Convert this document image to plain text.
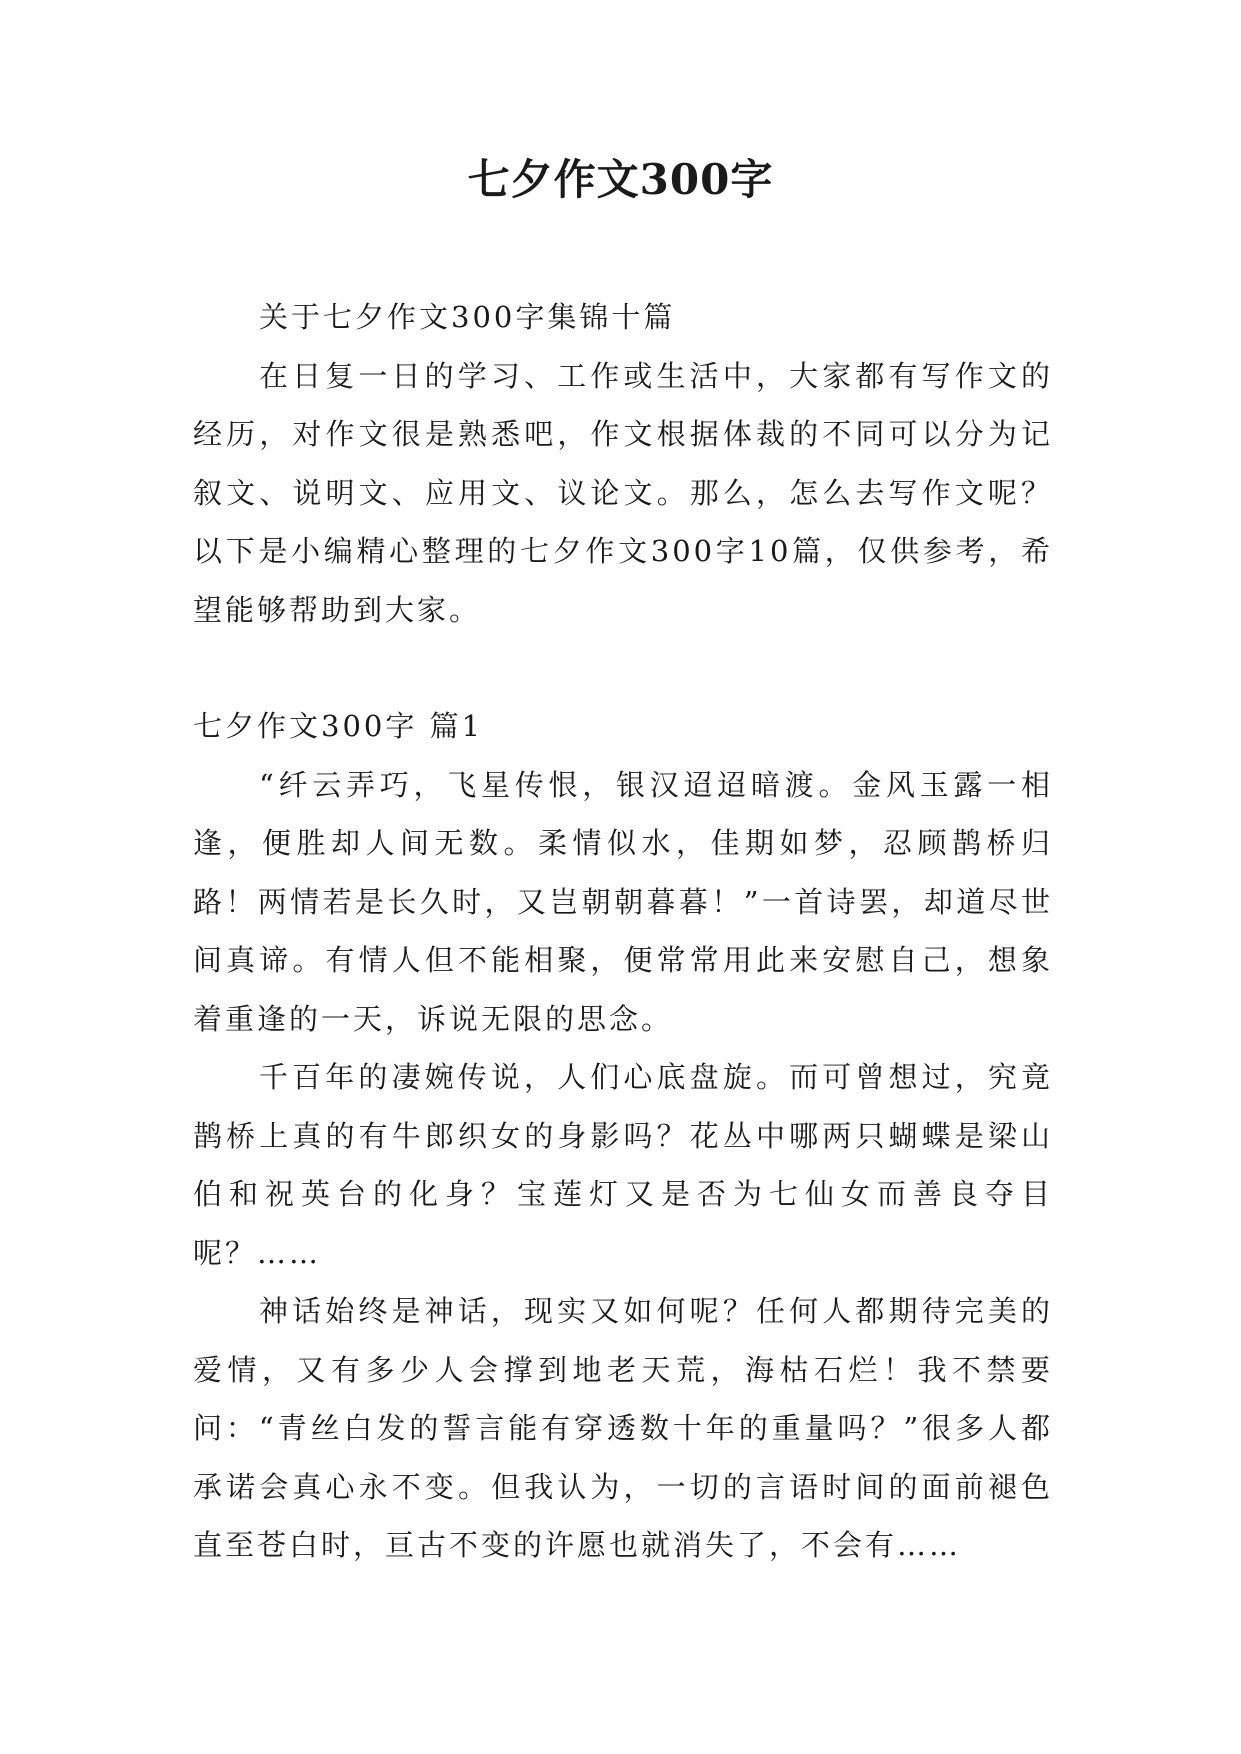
七夕作文300字

关于七夕作文300字集锦十篇

在日复一日的学习、工作或生活中，大家都有写作文的经历，对作文很是熟悉吧，作文根据体裁的不同可以分为记叙文、说明文、应用文、议论文。那么，怎么去写作文呢？以下是小编精心整理的七夕作文300字10篇，仅供参考，希望能够帮助到大家。

七夕作文300字 篇1

“纤云弄巧，飞星传恨，银汉迢迢暗渡。金风玉露一相逢，便胜却人间无数。柔情似水，佳期如梦，忍顾鹊桥归路！两情若是长久时，又岂朝朝暮暮！”一首诗罢，却道尽世间真谛。有情人但不能相聚，便常常用此来安慰自己，想象着重逢的一天，诉说无限的思念。

千百年的凄婉传说，人们心底盘旋。而可曾想过，究竟鹊桥上真的有牛郎织女的身影吗？花丛中哪两只蝴蝶是梁山伯和祝英台的化身？宝莲灯又是否为七仙女而善良夺目呢？……

神话始终是神话，现实又如何呢？任何人都期待完美的爱情，又有多少人会撑到地老天荒，海枯石烂！我不禁要问：“青丝白发的誓言能有穿透数十年的重量吗？”很多人都承诺会真心永不变。但我认为，一切的言语时间的面前褪色直至苍白时，亘古不变的许愿也就消失了，不会有……
